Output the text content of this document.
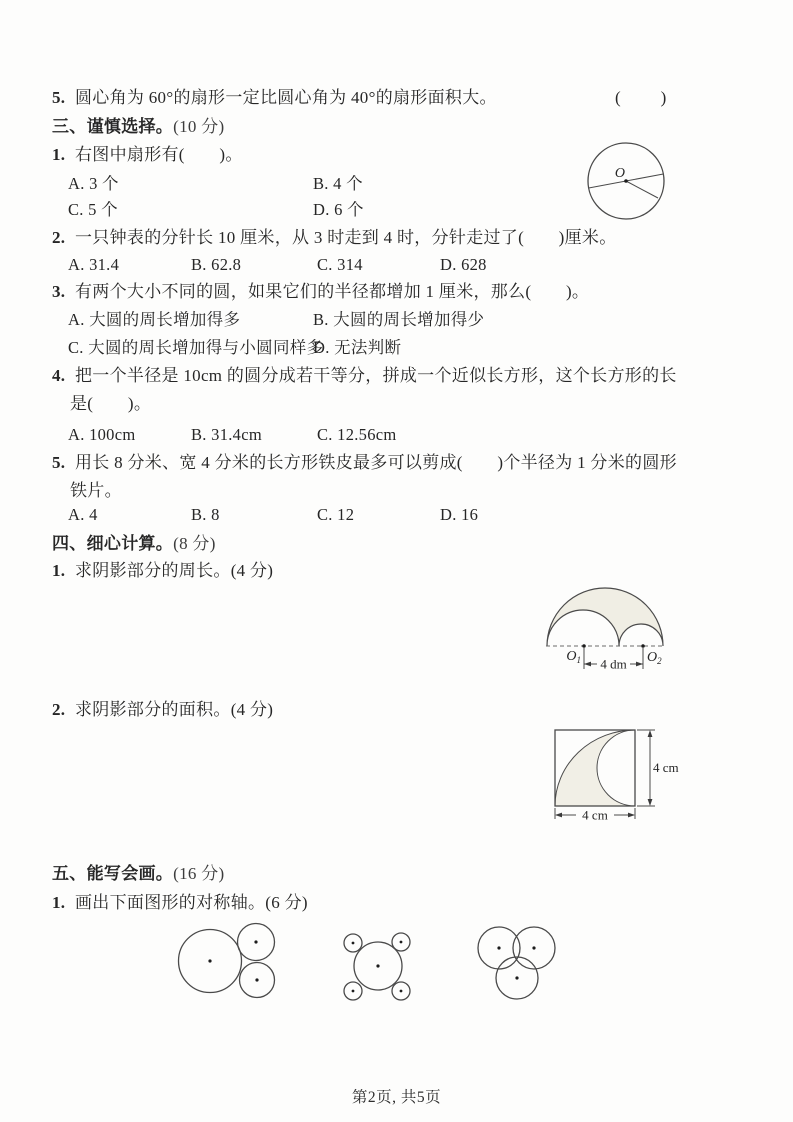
5. 圆心角为 60°的扇形一定比圆心角为 40°的扇形面积大。	(　　)
三、谨慎选择。(10 分)
1. 右图中扇形有(　　)。
A. 3 个	B. 4 个
C. 5 个	D. 6 个
O
2. 一只钟表的分针长 10 厘米，从 3 时走到 4 时，分针走过了(　　)厘米。
A. 31.4	B. 62.8	C. 314	D. 628
3. 有两个大小不同的圆，如果它们的半径都增加 1 厘米，那么(　　)。
A. 大圆的周长增加得多	B. 大圆的周长增加得少
C. 大圆的周长增加得与小圆同样多
D. 无法判断
4. 把一个半径是 10cm 的圆分成若干等分，拼成一个近似长方形，这个长方形的长
是(　　)。
A. 100cm	B. 31.4cm	C. 12.56cm
5. 用长 8 分米、宽 4 分米的长方形铁皮最多可以剪成(　　)个半径为 1 分米的圆形
铁片。
A. 4	B. 8	C. 12	D. 16
四、细心计算。(8 分)
1. 求阴影部分的周长。(4 分)
4 dm
$O_1$	$O_2$
2. 求阴影部分的面积。(4 分)
4 cm
4 cm
五、能写会画。(16 分)
1. 画出下面图形的对称轴。(6 分)
第2页, 共5页
